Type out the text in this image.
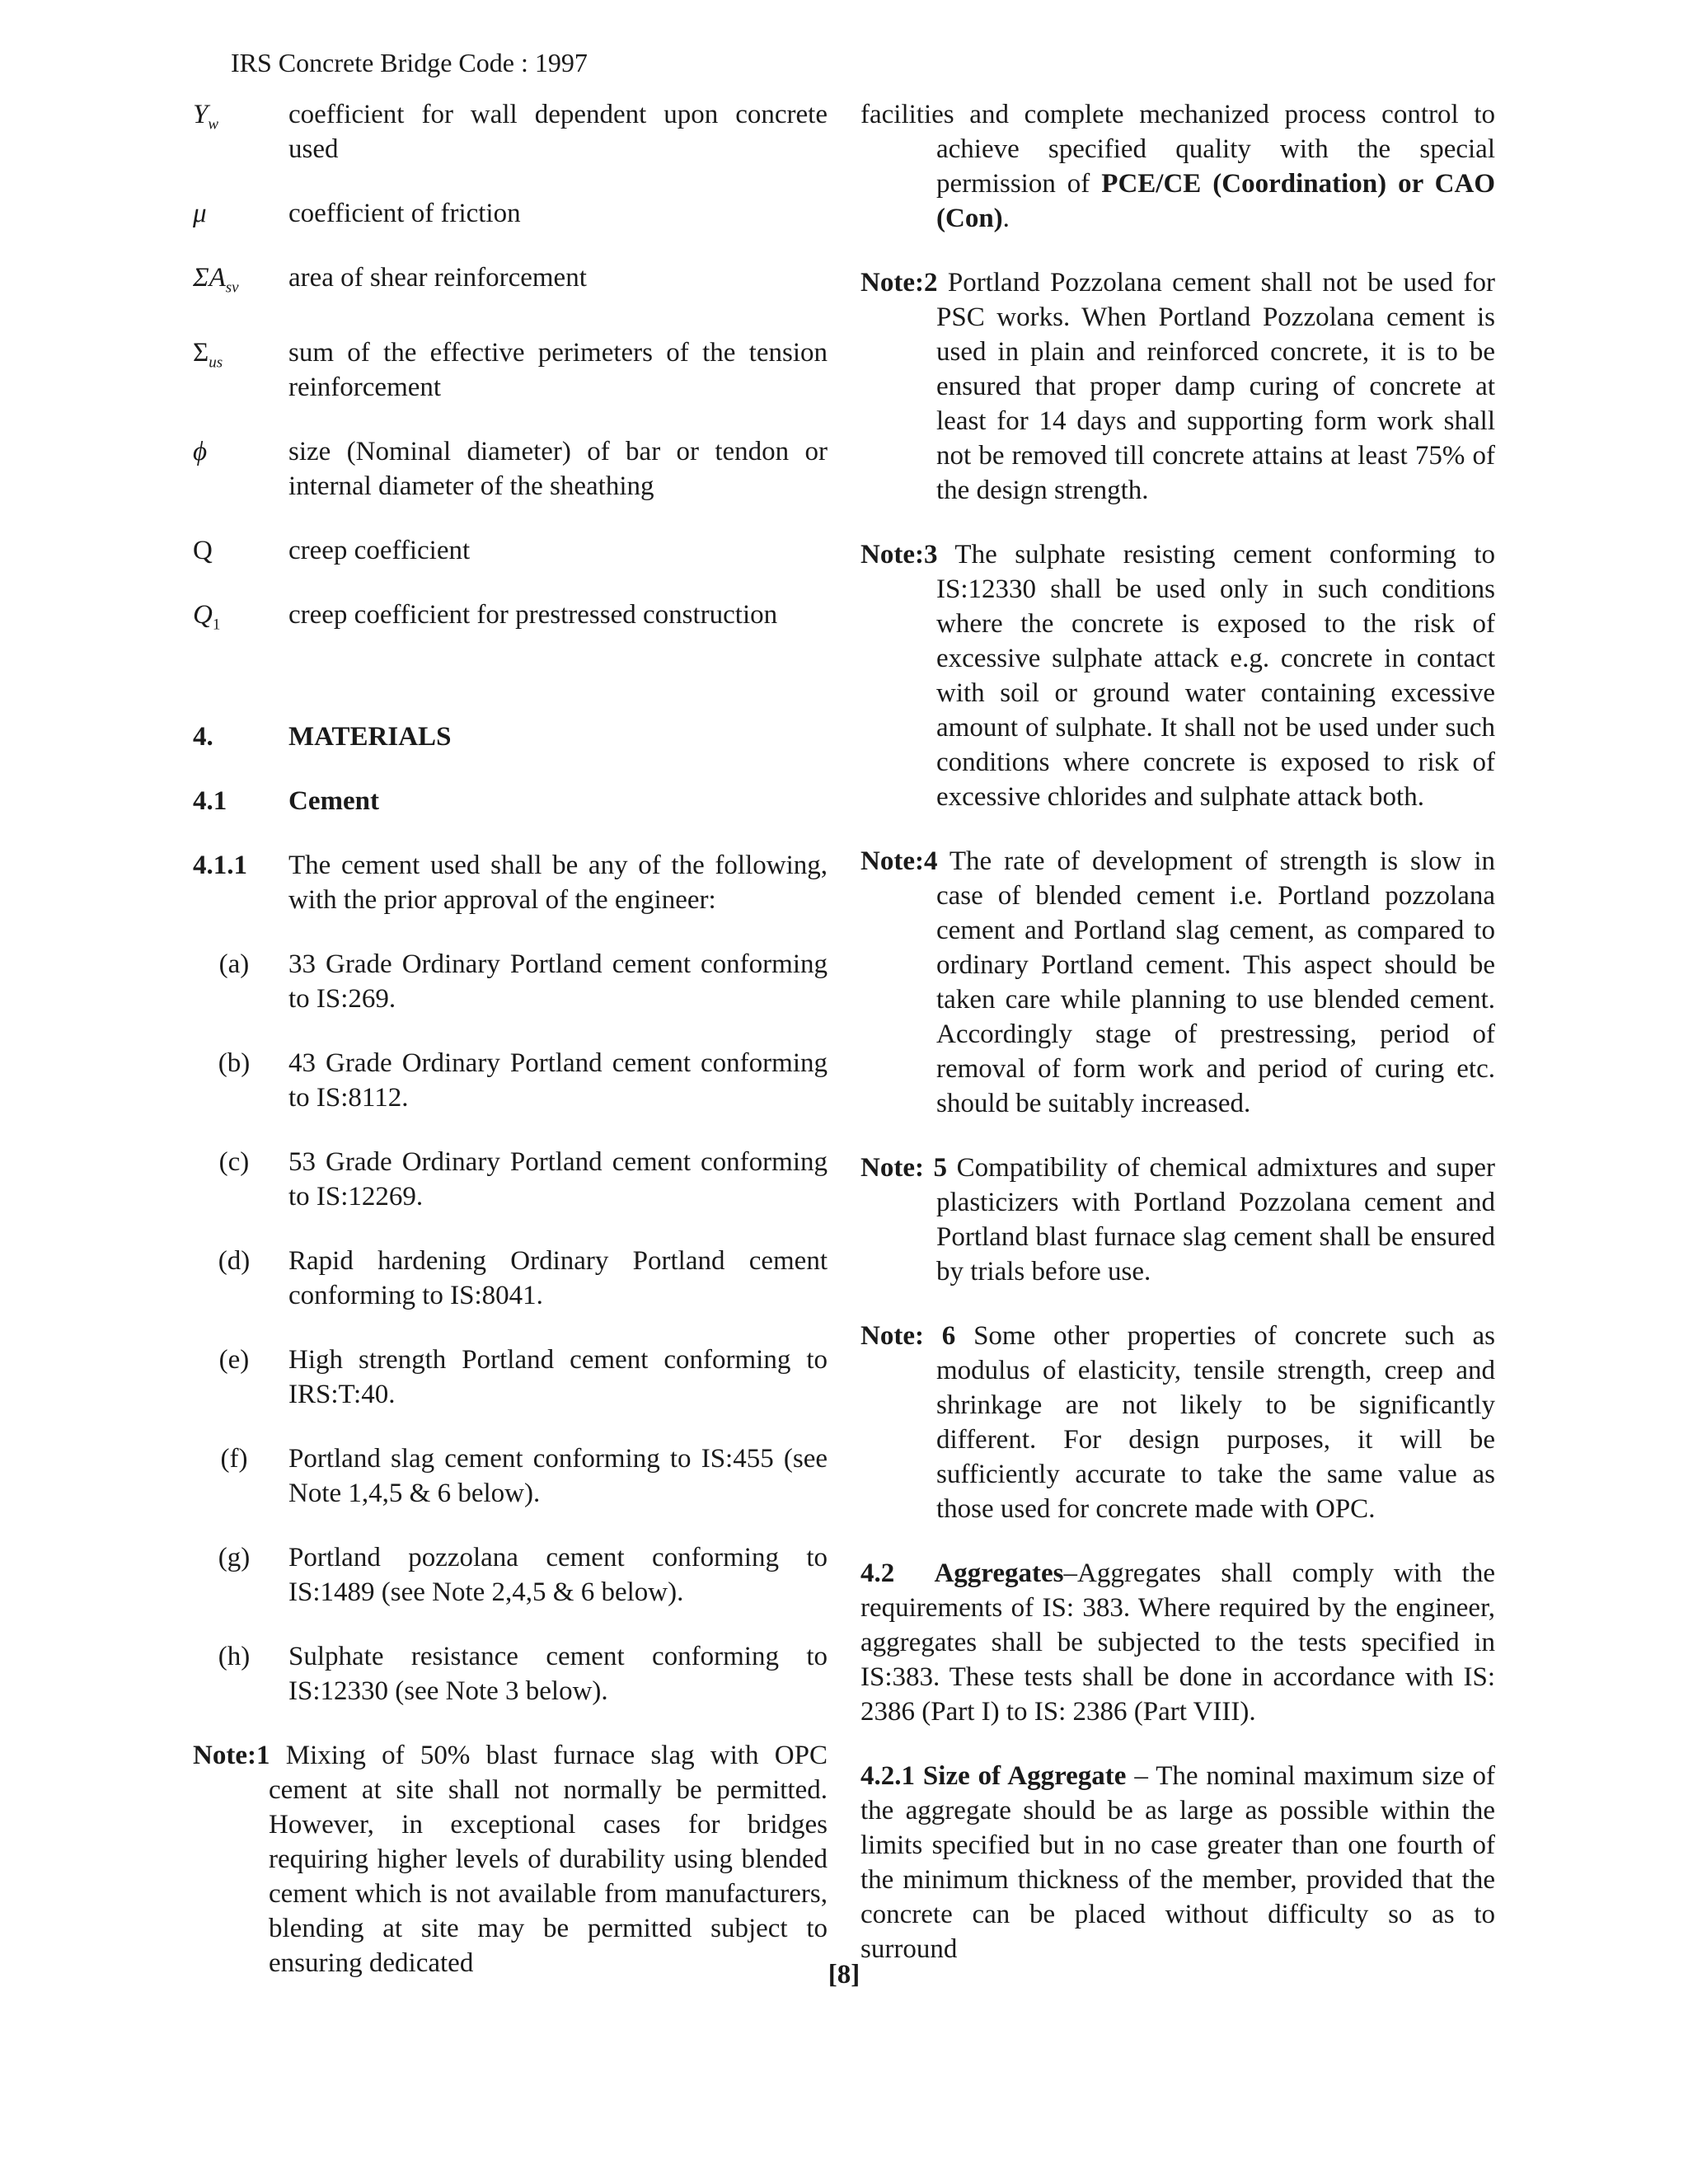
IRS Concrete Bridge Code : 1997
$Y_w$	coefficient for wall dependent upon concrete used
μ	coefficient of friction
$\Sigma A_{sv}$	area of shear reinforcement
$\Sigma_{us}$	sum of the effective perimeters of the tension reinforcement
ϕ	size (Nominal diameter) of bar or tendon or internal diameter of the sheathing
Q	creep coefficient
$Q_1$	creep coefficient for prestressed construction
4.	MATERIALS
4.1	Cement
4.1.1	The cement used shall be any of the following, with the prior approval of the engineer:
(a)	33 Grade Ordinary Portland cement conforming to IS:269.
(b)	43 Grade Ordinary Portland cement conforming to IS:8112.
(c)	53 Grade Ordinary Portland cement conforming to IS:12269.
(d)	Rapid hardening Ordinary Portland cement conforming to IS:8041.
(e)	High strength Portland cement conforming to IRS:T:40.
(f)	Portland slag cement conforming to IS:455 (see Note 1,4,5 & 6 below).
(g)	Portland pozzolana cement conforming to IS:1489 (see Note 2,4,5 & 6 below).
(h)	Sulphate resistance cement conforming to IS:12330 (see Note 3 below).
Note:1 Mixing of 50% blast furnace slag with OPC cement at site shall not normally be permitted. However, in exceptional cases for bridges requiring higher levels of durability using blended cement which is not available from manufacturers, blending at site may be permitted subject to ensuring dedicated
facilities and complete mechanized process control to achieve specified quality with the special permission of PCE/CE (Coordination) or CAO (Con).
Note:2 Portland Pozzolana cement shall not be used for PSC works. When Portland Pozzolana cement is used in plain and reinforced concrete, it is to be ensured that proper damp curing of concrete at least for 14 days and supporting form work shall not be removed till concrete attains at least 75% of the design strength.
Note:3 The sulphate resisting cement conforming to IS:12330 shall be used only in such conditions where the concrete is exposed to the risk of excessive sulphate attack e.g. concrete in contact with soil or ground water containing excessive amount of sulphate. It shall not be used under such conditions where concrete is exposed to risk of excessive chlorides and sulphate attack both.
Note:4 The rate of development of strength is slow in case of blended cement i.e. Portland pozzolana cement and Portland slag cement, as compared to ordinary Portland cement. This aspect should be taken care while planning to use blended cement. Accordingly stage of prestressing, period of removal of form work and period of curing etc. should be suitably increased.
Note: 5 Compatibility of chemical admixtures and super plasticizers with Portland Pozzolana cement and Portland blast furnace slag cement shall be ensured by trials before use.
Note: 6 Some other properties of concrete such as modulus of elasticity, tensile strength, creep and shrinkage are not likely to be significantly different. For design purposes, it will be sufficiently accurate to take the same value as those used for concrete made with OPC.
4.2 Aggregates–Aggregates shall comply with the requirements of IS: 383. Where required by the engineer, aggregates shall be subjected to the tests specified in IS:383. These tests shall be done in accordance with IS: 2386 (Part I) to IS: 2386 (Part VIII).
4.2.1 Size of Aggregate – The nominal maximum size of the aggregate should be as large as possible within the limits specified but in no case greater than one fourth of the minimum thickness of the member, provided that the concrete can be placed without difficulty so as to surround
[8]
